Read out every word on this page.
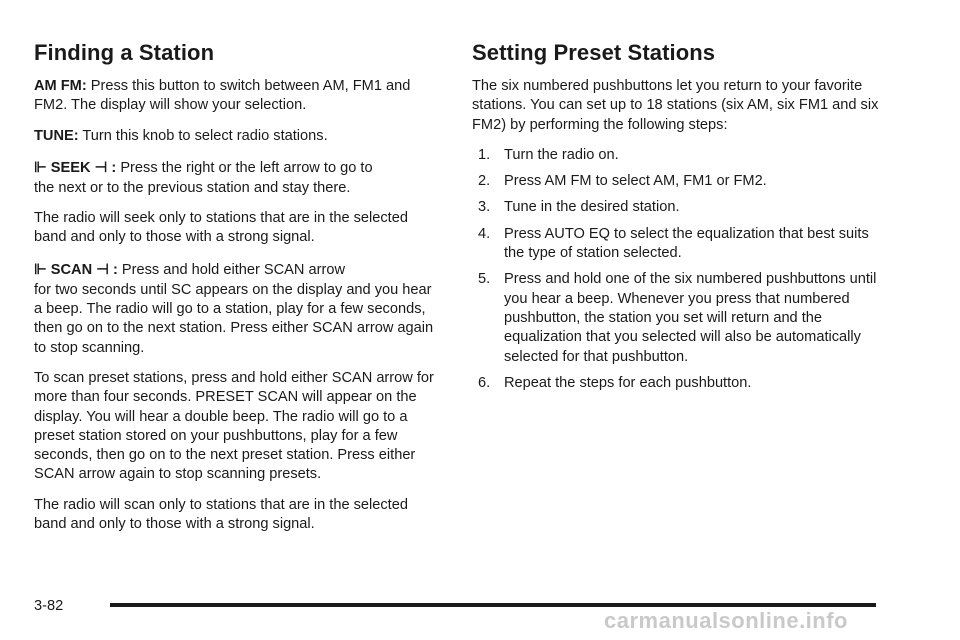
Finding a Station

AM FM: Press this button to switch between AM, FM1 and FM2. The display will show your selection.

TUNE: Turn this knob to select radio stations.

⊩ SEEK ⊣ : Press the right or the left arrow to go to
the next or to the previous station and stay there.

The radio will seek only to stations that are in the selected band and only to those with a strong signal.

⊩ SCAN ⊣ : Press and hold either SCAN arrow
for two seconds until SC appears on the display and you hear a beep. The radio will go to a station, play for a few seconds, then go on to the next station. Press either SCAN arrow again to stop scanning.

To scan preset stations, press and hold either SCAN arrow for more than four seconds. PRESET SCAN will appear on the display. You will hear a double beep. The radio will go to a preset station stored on your pushbuttons, play for a few seconds, then go on to the next preset station. Press either SCAN arrow again to stop scanning presets.

The radio will scan only to stations that are in the selected band and only to those with a strong signal.

Setting Preset Stations

The six numbered pushbuttons let you return to your favorite stations. You can set up to 18 stations (six AM, six FM1 and six FM2) by performing the following steps:

1. Turn the radio on.
2. Press AM FM to select AM, FM1 or FM2.
3. Tune in the desired station.
4. Press AUTO EQ to select the equalization that best suits the type of station selected.
5. Press and hold one of the six numbered pushbuttons until you hear a beep. Whenever you press that numbered pushbutton, the station you set will return and the equalization that you selected will also be automatically selected for that pushbutton.
6. Repeat the steps for each pushbutton.
3-82
carmanualsonline.info
